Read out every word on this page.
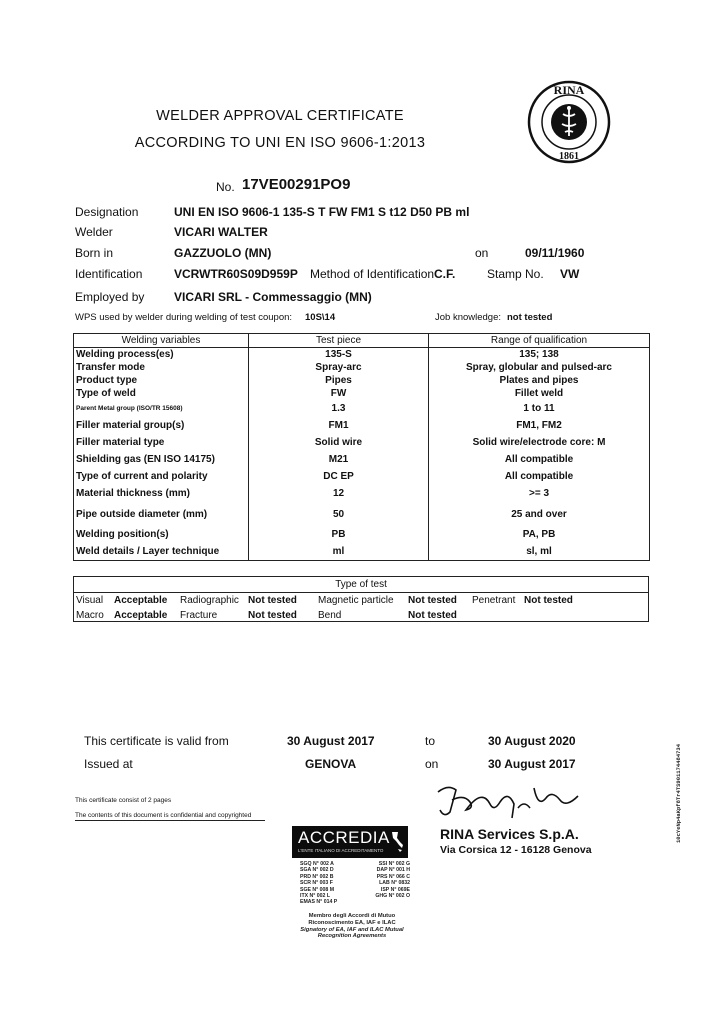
WELDER APPROVAL CERTIFICATE
ACCORDING TO UNI EN ISO 9606-1:2013
RINA
1861
No. 17VE00291PO9
Designation	UNI EN ISO 9606-1 135-S T FW FM1 S t12 D50 PB ml
Welder	VICARI WALTER
Born in	GAZZUOLO (MN)	on	09/11/1960
Identification	VCRWTR60S09D959P Method of Identification C.F.	Stamp No. VW
Employed by VICARI SRL - Commessaggio (MN)
WPS used by welder during welding of test coupon: 10S\14	Job knowledge: not tested
Welding variables	Test piece	Range of qualification
Welding process(es)	135-S	135; 138
Transfer mode	Spray-arc	Spray, globular and pulsed-arc
Product type	Pipes	Plates and pipes
Type of weld	FW	Fillet weld
Parent Metal group (ISO/TR 15608)	1.3	1 to 11
Filler material group(s)	FM1	FM1, FM2
Filler material type	Solid wire	Solid wire/electrode core: M
Shielding gas (EN ISO 14175)	M21	All compatible
Type of current and polarity	DC EP	All compatible
Material thickness (mm)	12	>= 3
Pipe outside diameter (mm)	50	25 and over
Welding position(s)	PB	PA, PB
Weld details / Layer technique	ml	sl, ml
Type of test							
Visual	Acceptable	Radiographic	Not tested	Magnetic particle	Not tested	Penetrant	Not tested
Macro	Acceptable	Fracture	Not tested	Bend	Not tested		
This certificate is valid from	30 August 2017	to	30 August 2020
Issued at	GENOVA	on	30 August 2017
This certificate consist of 2 pages
The contents of this document is confidential and copyrighted
RINA Services S.p.A.
Via Corsica 12 - 16128 Genova
ACCREDIA
L'ENTE ITALIANO DI ACCREDITAMENTO
SGQ N° 002 A	SSI N° 002 G
SGA N° 002 D	DAP N° 001 H
PRD N° 002 B	PRS N° 066 C
SCR N° 003 F	LAB N° 0832
SGE N° 008 M	ISP N° 069E
ITX N° 002 L	GHG N° 002 O
EMAS N° 014 P
Membro degli Accordi di Mutuo
Riconoscimento EA, IAF e ILAC
Signatory of EA, IAF and ILAC Mutual
Recognition Agreements
10cYeNp4aKpf8Tr4TS901174484734
